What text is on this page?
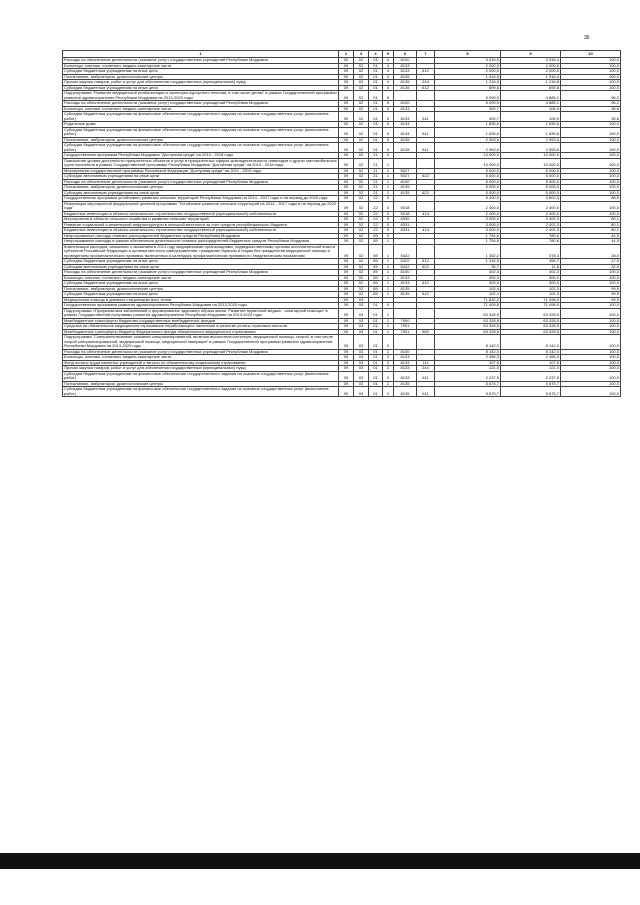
36
1	2	3	4	5	6	7	8	9	10
Расходы на обеспечение деятельности (оказание услуг) государственных учреждений Республики Мордовия	09	02	01	4	8100		3 916,5	3 916,4	100,0
Больницы, клиники, госпитали, медико-санитарные части	09	02	01	4	8133		2 000,0	2 000,0	100,0
Субсидии бюджетным учреждениям на иные цели	09	02	01	4	8133	612	2 000,0	2 000,0	100,0
Поликлиники, амбулатории, диагностические центры	09	02	01	4	8135		1 916,5	1 916,4	100,0
Прочая закупка товаров, работ и услуг для обеспечения государственных (муниципальных) нужд	09	02	01	4	8135	244	1 216,9	1 216,8	100,0
Субсидии бюджетным учреждениям на иные цели	09	02	01	4	8135	612	699,6	699,6	100,0
Подпрограмма "Развитие медицинской реабилитации и санаторно-курортного лечения, в том числе детям" в рамках Государственной программы развития здравоохранения Республики Мордовия на 2013-2020 годы	09	02	01	5			5 099,9	4 885,1	96,2
Расходы на обеспечение деятельности (оказание услуг) государственных учреждений Республики Мордовия	09	02	01	5	8100		5 099,9	4 885,1	96,2
Больницы, клиники, госпитали, медико-санитарные части	09	02	01	5	8133		300,7	106,9	35,6
Субсидии бюджетным учреждениям на финансовое обеспечение государственного задания на оказание государственных услуг (выполнение работ)	09	02	01	5	8133	611	300,7	106,9	35,6
Родильные дома	09	02	01	5	8134		1 835,6	1 835,6	100,0
Субсидии бюджетным учреждениям на финансовое обеспечение государственного задания на оказание государственных услуг (выполнение работ)	09	02	01	5	8134	611	1 835,6	1 835,6	100,0
Поликлиники, амбулатории, диагностические центры	09	02	01	5	8135		2 963,6	2 953,6	100,0
Субсидии бюджетным учреждениям на финансовое обеспечение государственного задания на оказание государственных услуг (выполнение работ)	09	02	01	5	8135	611	2 963,6	2 953,6	100,0
Государственная программа Республики Мордовия "Доступная среда" на 2014 - 2018 годы	09	02	21	0			10 000,0	10 000,0	100,0
Повышение уровня доступности приоритетных объектов и услуг в приоритетных сферах жизнедеятельности инвалидов и других маломобильных групп населения в рамках Государственной программы Республики Мордовия "Доступная среда" на 2014 - 2018 годы	09	02	21	1			10 000,0	10 000,0	100,0
Мероприятия государственной программы Российской Федерации "Доступная среда" на 2011 - 2015 годы	09	02	21	1	5027		5 000,0	5 000,0	100,0
Субсидии автономным учреждениям на иные цели	09	02	21	1	5027	622	5 000,0	5 000,0	100,0
Расходы на обеспечение деятельности (оказание услуг) государственных учреждений Республики Мордовия	09	02	21	1	8100		5 000,0	5 000,0	100,0
Поликлиники, амбулатории, диагностические центры	09	02	21	1	8135		5 000,0	5 000,0	100,0
Субсидии автономным учреждениям на иные цели	09	02	21	1	8135	622	5 000,0	5 000,0	100,0
Государственная программа устойчивого развития сельских территорий Республики Мордовия на 2014 - 2017 годы и на период до 2020 года	09	02	22	0			5 400,0	4 802,3	88,9
Реализация мероприятий федеральной целевой программы "Устойчивое развитие сельских территорий на 2014 - 2017 годы и на период до 2020 года"	09	02	22	0	5018		2 400,0	2 400,0	100,0
Бюджетные инвестиции в объекты капитального строительства государственной (муниципальной) собственности	09	02	22	0	5018	414	2 400,0	2 400,0	100,0
Мероприятия в области сельского хозяйства и развития сельских территорий	09	02	22	0	8330		3 000,0	2 402,3	80,1
Развитие социальной и инженерной инфраструктуры в сельской местности за счет средств республиканского бюджета	09	02	22	0	8331		3 000,0	2 402,3	80,1
Бюджетные инвестиции в объекты капитального строительства государственной (муниципальной) собственности	09	02	22	0	8331	414	3 000,0	2 402,3	80,1
Непрограммные расходы главных распорядителей бюджетных средств Республики Мордовия	09	02	89	0			1 754,6	780,6	44,5
Непрограммные расходы в рамках обеспечения деятельности главных распорядителей бюджетных средств Республики Мордовия	09	02	89	1			1 754,6	780,6	44,5
Компенсация расходов, связанных с оказанием в 2014 году медицинскими организациями, подведомственными органам исполнительной власти субъектов Российской Федерации и органам местного самоуправления, гражданам Украины и лицам без гражданства медицинской помощи и проведением профилактических прививок, включенных в календарь профилактических прививок по эпидемическим показаниям	09	02	89	1	5422		1 352,2	378,3	28,0
Субсидии бюджетным учреждениям на иные цели	09	02	89	1	5422	612	1 316,5	366,7	27,9
Субсидии автономным учреждениям на иные цели	09	02	89	1	5422	622	35,7	11,6	32,5
Расходы на обеспечение деятельности (оказание услуг) государственных учреждений Республики Мордовия	09	02	89	1	8100		402,4	402,3	100,0
Больницы, клиники, госпитали, медико-санитарные части	09	02	89	1	8133		300,0	300,0	100,0
Субсидии бюджетным учреждениям на иные цели	09	02	89	1	8133	612	300,0	300,0	100,0
Поликлиники, амбулатории, диагностические центры	09	02	89	1	8135		102,4	102,3	99,9
Субсидии бюджетным учреждениям на иные цели	09	02	89	1	8135	612	102,4	102,3	99,9
Медицинская помощь в дневных стационарах всех типов	09	03					71 832,2	71 498,5	99,5
Государственная программа развития здравоохранения Республики Мордовия на 2013-2020 годы	09	03	01	0			71 409,8	71 498,5	100,0
Подпрограмма «Профилактика заболеваний и формирование здорового образа жизни. Развитие первичной медико - санитарной помощи» в рамках Государственной программы развития здравоохранения Республики Мордовия на 2013-2020 годы	09	03	01	1			63 328,5	63 328,5	100,0
Межбюджетные трансферты бюджетам государственных внебюджетных фондов	09	03	01	1	7900		63 328,5	63 328,5	100,0
Средства на обязательное медицинское страхование неработающего населения в качестве уплаты страховых взносов	09	03	01	1	7901		63 328,5	63 328,5	100,0
Межбюджетные трансферты бюджету Федерального фонда обязательного медицинского страхования	09	03	01	1	7901	560	63 328,5	63 328,5	100,0
Подпрограмма "Совершенствование оказания специализированной, включая высокотехнологичную, медицинской помощи, скорой, в том числе скорой специализированной, медицинской помощи, медицинской эвакуации" в рамках Государственной программы развития здравоохранения Республики Мордовия на 2013-2020 годы	09	03	01	2			8 142,0	8 142,0	100,0
Расходы на обеспечение деятельности (оказание услуг) государственных учреждений Республики Мордовия	09	03	01	2	8100		8 142,0	8 142,0	100,0
Больницы, клиники, госпитали, медико-санитарные части	09	03	01	2	8133		2 466,3	2 466,3	100,0
Фонд оплаты труда казенных учреждений и взносы по обязательному социальному страхованию	09	03	01	2	8133	111	107,6	107,6	100,0
Прочая закупка товаров, работ и услуг для обеспечения государственных (муниципальных) нужд	09	03	01	2	8133	244	121,0	121,0	100,0
Субсидии бюджетным учреждениям на финансовое обеспечение государственного задания на оказание государственных услуг (выполнение работ)	09	03	01	2	8133	611	2 237,5	2 237,5	100,0
Поликлиники, амбулатории, диагностические центры	09	03	01	2	8135		5 675,7	5 675,7	100,0
Субсидии бюджетным учреждениям на финансовое обеспечение государственного задания на оказание государственных услуг (выполнение работ)	09	03	01	2	8135	611	5 675,7	5 675,7	100,0
